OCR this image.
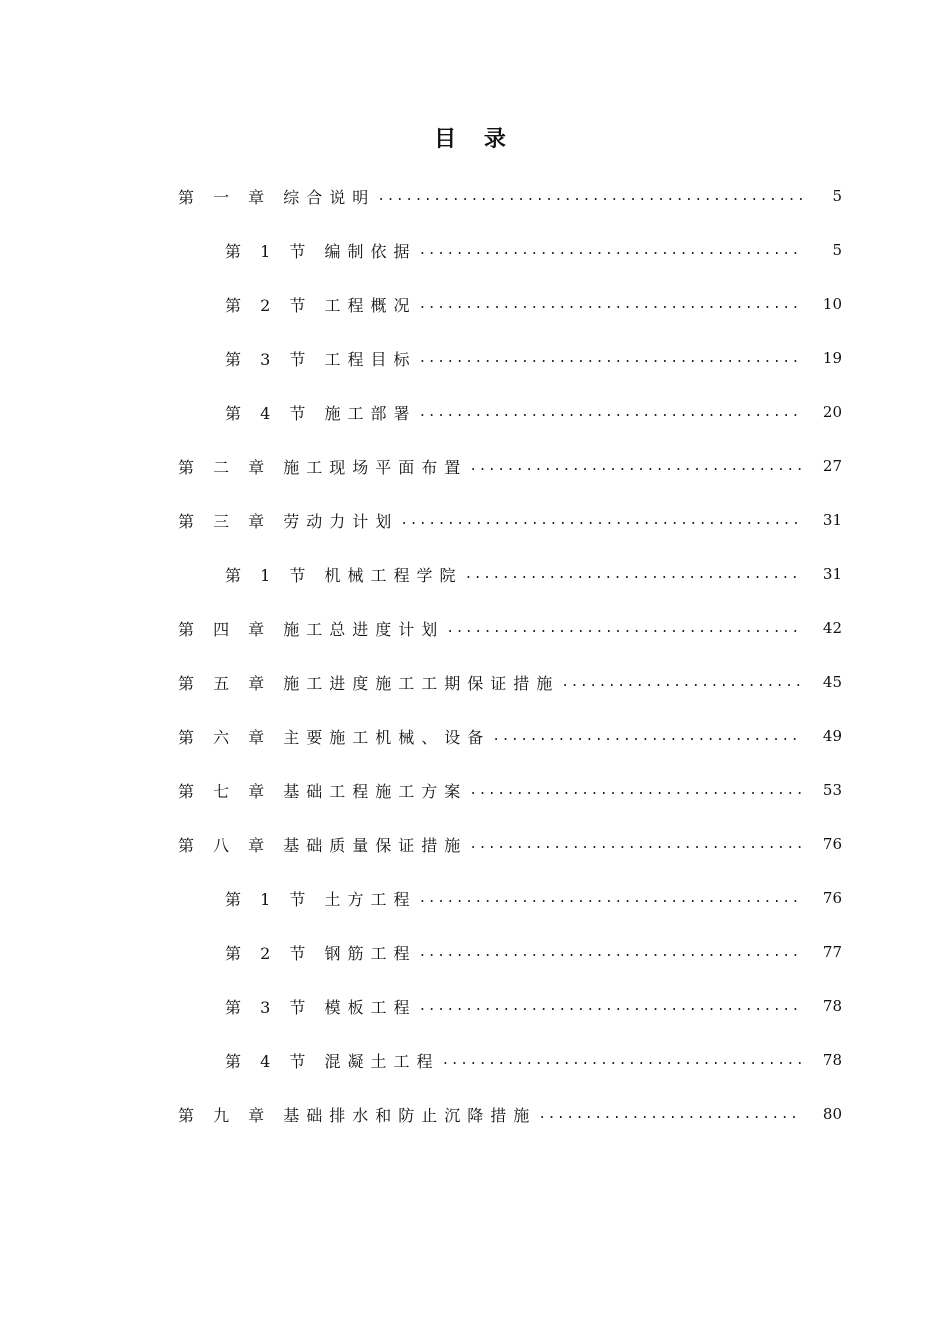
目 录
第 一 章 综合说明 .....	5
第 1 节 编制依据 .....	5
第 2 节 工程概况 .....	10
第 3 节 工程目标 .....	19
第 4 节 施工部署 .....	20
第 二 章 施工现场平面布置 .....	27
第 三 章 劳动力计划 .....	31
第 1 节 机械工程学院 .....	31
第 四 章 施工总进度计划 .....	42
第 五 章 施工进度施工工期保证措施 .....	45
第 六 章 主要施工机械、设备 .....	49
第 七 章 基础工程施工方案 .....	53
第 八 章 基础质量保证措施 .....	76
第 1 节 土方工程 .....	76
第 2 节 钢筋工程 .....	77
第 3 节 模板工程 .....	78
第 4 节 混凝土工程 .....	78
第 九 章 基础排水和防止沉降措施 .....	80
